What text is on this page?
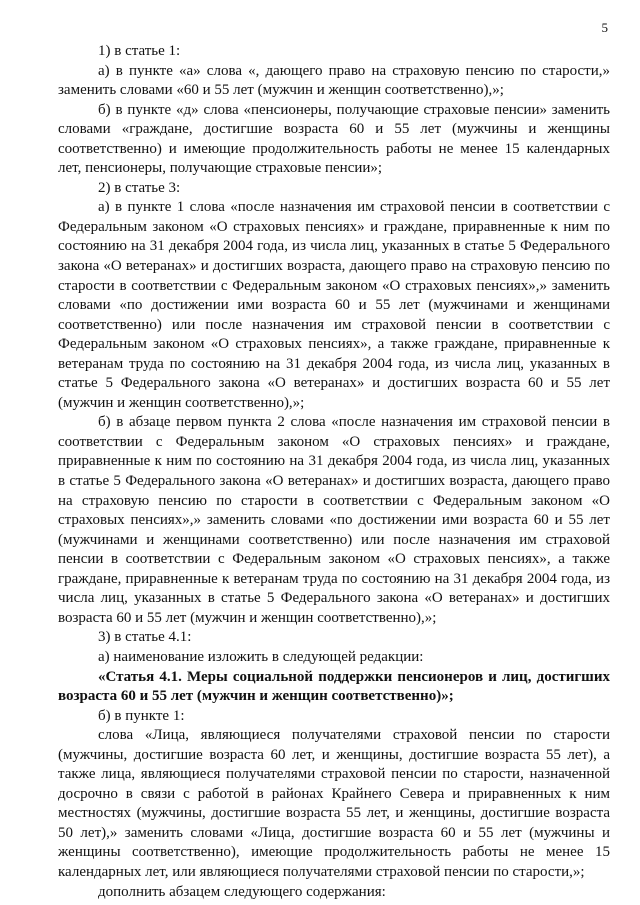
5

1) в статье 1:

а) в пункте «а» слова «, дающего право на страховую пенсию по старости,» заменить словами «60 и 55 лет (мужчин и женщин соответственно),»;

б) в пункте «д» слова «пенсионеры, получающие страховые пенсии» заменить словами «граждане, достигшие возраста 60 и 55 лет (мужчины и женщины соответственно) и имеющие продолжительность работы не менее 15 календарных лет, пенсионеры, получающие страховые пенсии»;

2) в статье 3:

а) в пункте 1 слова «после назначения им страховой пенсии в соответствии с Федеральным законом «О страховых пенсиях» и граждане, приравненные к ним по состоянию на 31 декабря 2004 года, из числа лиц, указанных в статье 5 Федерального закона «О ветеранах» и достигших возраста, дающего право на страховую пенсию по старости в соответствии с Федеральным законом «О страховых пенсиях»,» заменить словами «по достижении ими возраста 60 и 55 лет (мужчинами и женщинами соответственно) или после назначения им страховой пенсии в соответствии с Федеральным законом «О страховых пенсиях», а также граждане, приравненные к ветеранам труда по состоянию на 31 декабря 2004 года, из числа лиц, указанных в статье 5 Федерального закона «О ветеранах» и достигших возраста 60 и 55 лет (мужчин и женщин соответственно),»;

б) в абзаце первом пункта 2 слова «после назначения им страховой пенсии в соответствии с Федеральным законом «О страховых пенсиях» и граждане, приравненные к ним по состоянию на 31 декабря 2004 года, из числа лиц, указанных в статье 5 Федерального закона «О ветеранах» и достигших возраста, дающего право на страховую пенсию по старости в соответствии с Федеральным законом «О страховых пенсиях»,» заменить словами «по достижении ими возраста 60 и 55 лет (мужчинами и женщинами соответственно) или после назначения им страховой пенсии в соответствии с Федеральным законом «О страховых пенсиях», а также граждане, приравненные к ветеранам труда по состоянию на 31 декабря 2004 года, из числа лиц, указанных в статье 5 Федерального закона «О ветеранах» и достигших возраста 60 и 55 лет (мужчин и женщин соответственно),»;

3) в статье 4.1:

а) наименование изложить в следующей редакции:

«Статья 4.1. Меры социальной поддержки пенсионеров и лиц, достигших возраста 60 и 55 лет (мужчин и женщин соответственно)»;

б) в пункте 1:

слова «Лица, являющиеся получателями страховой пенсии по старости (мужчины, достигшие возраста 60 лет, и женщины, достигшие возраста 55 лет), а также лица, являющиеся получателями страховой пенсии по старости, назначенной досрочно в связи с работой в районах Крайнего Севера и приравненных к ним местностях (мужчины, достигшие возраста 55 лет, и женщины, достигшие возраста 50 лет),» заменить словами «Лица, достигшие возраста 60 и 55 лет (мужчины и женщины соответственно), имеющие продолжительность работы не менее 15 календарных лет, или являющиеся получателями страховой пенсии по старости,»;

дополнить абзацем следующего содержания:
